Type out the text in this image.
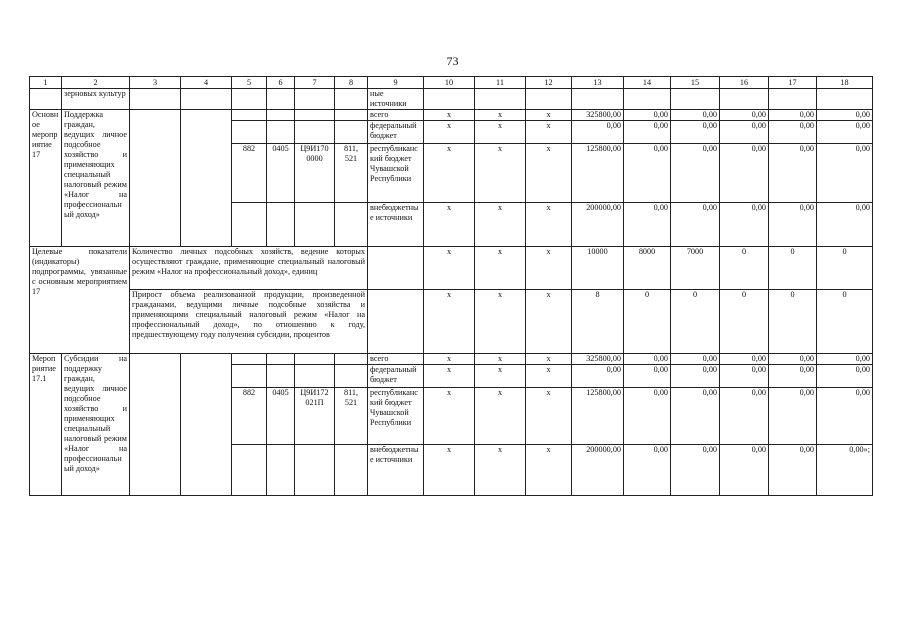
73
1	2	3	4	5	6	7	8	9	10	11	12	13	14	15	16	17	18
	зерновых культур							ные источники									
Основное мероприятие 17	Поддержка граждан, ведущих личное подсобное хозяйство и применяющих специальный налоговый режим «Налог на профессиональный доход»							всего	x	x	x	325800,00	0,00	0,00	0,00	0,00	0,00
								федеральный бюджет	x	x	x	0,00	0,00	0,00	0,00	0,00	0,00
				882	0405	Ц9И170 0000	811, 521	республиканский бюджет Чувашской Республики	x	x	x	125800,00	0,00	0,00	0,00	0,00	0,00
								внебюджетные источники	x	x	x	200000,00	0,00	0,00	0,00	0,00	0,00
Целевые показатели (индикаторы) подпрограммы, увязанные с основным мероприятием 17		Количество личных подсобных хозяйств, ведение которых осуществляют граждане, применяющие специальный налоговый режим «Налог на профессиональный доход», единиц							x	x	x	10000	8000	7000	0	0	0
		Прирост объема реализованной продукции, произведенной гражданами, ведущими личные подсобные хозяйства и применяющими специальный налоговый режим «Налог на профессиональный доход», по отношению к году, предшествующему году получения субсидии, процентов							x	x	x	8	0	0	0	0	0
Мероприятие 17.1	Субсидии на поддержку граждан, ведущих личное подсобное хозяйство и применяющих специальный налоговый режим «Налог на профессиональный доход»							всего	x	x	x	325800,00	0,00	0,00	0,00	0,00	0,00
								федеральный бюджет	x	x	x	0,00	0,00	0,00	0,00	0,00	0,00
				882	0405	Ц9И172 021П	811, 521	республиканский бюджет Чувашской Республики	x	x	x	125800,00	0,00	0,00	0,00	0,00	0,00
								внебюджетные источники	x	x	x	200000,00	0,00	0,00	0,00	0,00	0,00»;
